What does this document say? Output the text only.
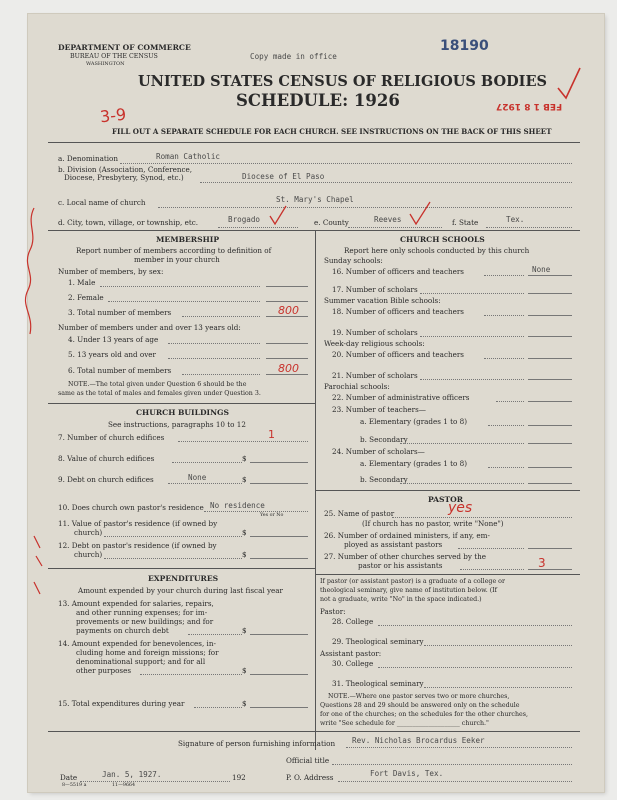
DEPARTMENT OF COMMERCE
BUREAU OF THE CENSUS
WASHINGTON
Copy made in office
18190
UNITED STATES CENSUS OF RELIGIOUS BODIES
SCHEDULE: 1926
3-9	FEB 1 8 1927
FILL OUT A SEPARATE SCHEDULE FOR EACH CHURCH. SEE INSTRUCTIONS ON THE BACK OF THIS SHEET
a. Denomination	Roman Catholic
b. Division (Association, Conference,
Diocese, Presbytery, Synod, etc.)	Diocese of El Paso
c. Local name of church	St. Mary's Chapel
d. City, town, village, or township, etc.	Brogado	e. County	Reeves	f. State	Tex.
MEMBERSHIP
Report number of members according to definition of
member in your church
Number of members, by sex:
1. Male
2. Female
3. Total number of members	800
Number of members under and over 13 years old:
4. Under 13 years of age
5. 13 years old and over
6. Total number of members	800
NOTE.—The total given under Question 6 should be the
same as the total of males and females given under Question 3.
CHURCH BUILDINGS
See instructions, paragraphs 10 to 12
7. Number of church edifices	1
8. Value of church edifices	$
9. Debt on church edifices	None	$
10. Does church own pastor's residence No residence
Yes or No
11. Value of pastor's residence (if owned by
church)	$
12. Debt on pastor's residence (if owned by
church)	$
EXPENDITURES
Amount expended by your church during last fiscal year
13. Amount expended for salaries, repairs,
and other running expenses; for im-
provements or new buildings; and for
payments on church debt	$
14. Amount expended for benevolences, in-
cluding home and foreign missions; for
denominational support; and for all
other purposes	$
15. Total expenditures during year	$
CHURCH SCHOOLS
Report here only schools conducted by this church
Sunday schools:
16. Number of officers and teachers	None
17. Number of scholars
Summer vacation Bible schools:
18. Number of officers and teachers
19. Number of scholars
Week-day religious schools:
20. Number of officers and teachers
21. Number of scholars
Parochial schools:
22. Number of administrative officers
23. Number of teachers—
a. Elementary (grades 1 to 8)
b. Secondary
24. Number of scholars—
a. Elementary (grades 1 to 8)
b. Secondary
PASTOR
25. Name of pastor	yes
(If church has no pastor, write "None")
26. Number of ordained ministers, if any, em-
ployed as assistant pastors
27. Number of other churches served by the
pastor or his assistants	3
If pastor (or assistant pastor) is a graduate of a college or
theological seminary, give name of institution below. (If
not a graduate, write "No" in the space indicated.)
Pastor:
28. College
29. Theological seminary
Assistant pastor:
30. College
31. Theological seminary
NOTE.—Where one pastor serves two or more churches,
Questions 28 and 29 should be answered only on the schedule
for one of the churches; on the schedules for the other churches,
write "See schedule for ____________________ church."
Signature of person furnishing information Rev. Nicholas Brocardus Eeker
Official title
Date	Jan. 5, 1927.	192	P. O. Address	Fort Davis, Tex.
8—5519 a	11—9664
